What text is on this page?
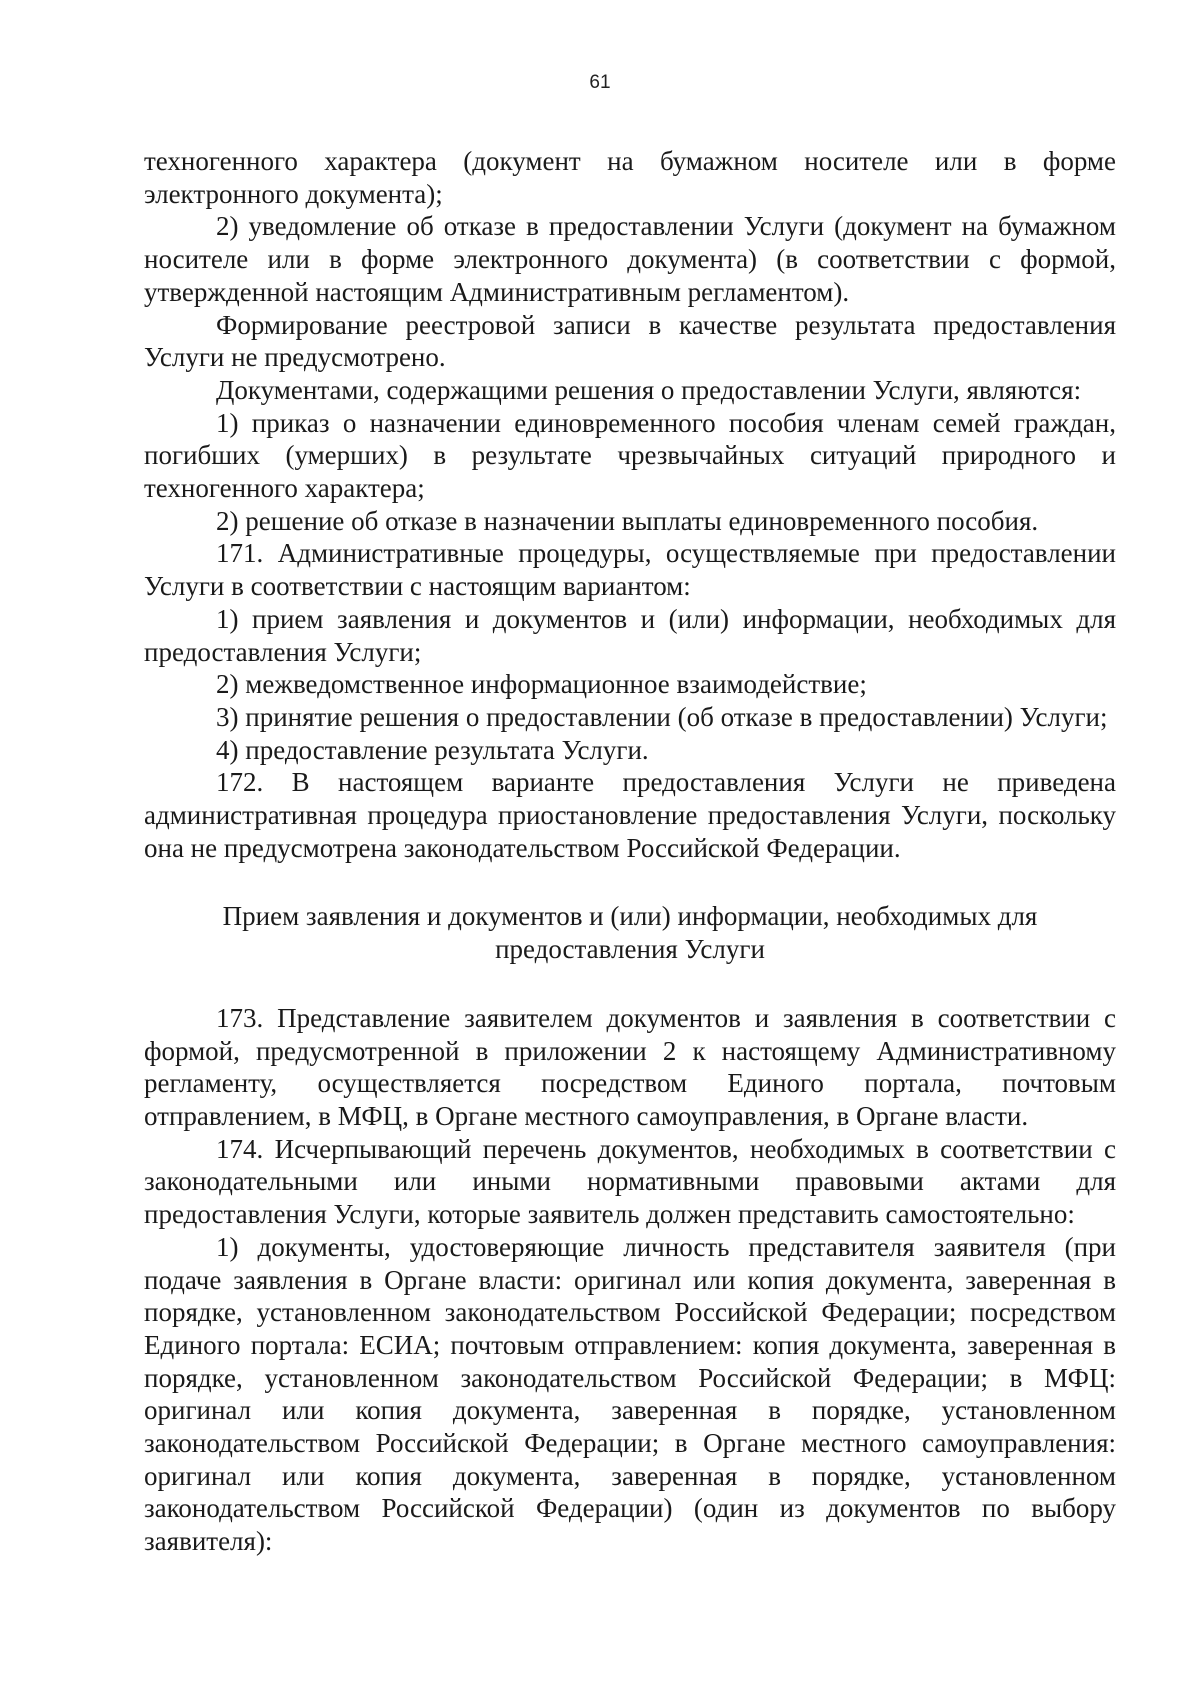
61

техногенного характера (документ на бумажном носителе или в форме электронного документа);

2) уведомление об отказе в предоставлении Услуги (документ на бумажном носителе или в форме электронного документа) (в соответствии с формой, утвержденной настоящим Административным регламентом).

Формирование реестровой записи в качестве результата предоставления Услуги не предусмотрено.

Документами, содержащими решения о предоставлении Услуги, являются:

1) приказ о назначении единовременного пособия членам семей граждан, погибших (умерших) в результате чрезвычайных ситуаций природного и техногенного характера;

2) решение об отказе в назначении выплаты единовременного пособия.

171. Административные процедуры, осуществляемые при предоставлении Услуги в соответствии с настоящим вариантом:

1) прием заявления и документов и (или) информации, необходимых для предоставления Услуги;

2) межведомственное информационное взаимодействие;

3) принятие решения о предоставлении (об отказе в предоставлении) Услуги;

4) предоставление результата Услуги.

172. В настоящем варианте предоставления Услуги не приведена административная процедура приостановление предоставления Услуги, поскольку она не предусмотрена законодательством Российской Федерации.

Прием заявления и документов и (или) информации, необходимых для
предоставления Услуги

173. Представление заявителем документов и заявления в соответствии с формой, предусмотренной в приложении 2 к настоящему Административному регламенту, осуществляется посредством Единого портала, почтовым отправлением, в МФЦ, в Органе местного самоуправления, в Органе власти.

174. Исчерпывающий перечень документов, необходимых в соответствии с законодательными или иными нормативными правовыми актами для предоставления Услуги, которые заявитель должен представить самостоятельно:

1) документы, удостоверяющие личность представителя заявителя (при подаче заявления в Органе власти: оригинал или копия документа, заверенная в порядке, установленном законодательством Российской Федерации; посредством Единого портала: ЕСИА; почтовым отправлением: копия документа, заверенная в порядке, установленном законодательством Российской Федерации; в МФЦ: оригинал или копия документа, заверенная в порядке, установленном законодательством Российской Федерации; в Органе местного самоуправления: оригинал или копия документа, заверенная в порядке, установленном законодательством Российской Федерации) (один из документов по выбору заявителя):
